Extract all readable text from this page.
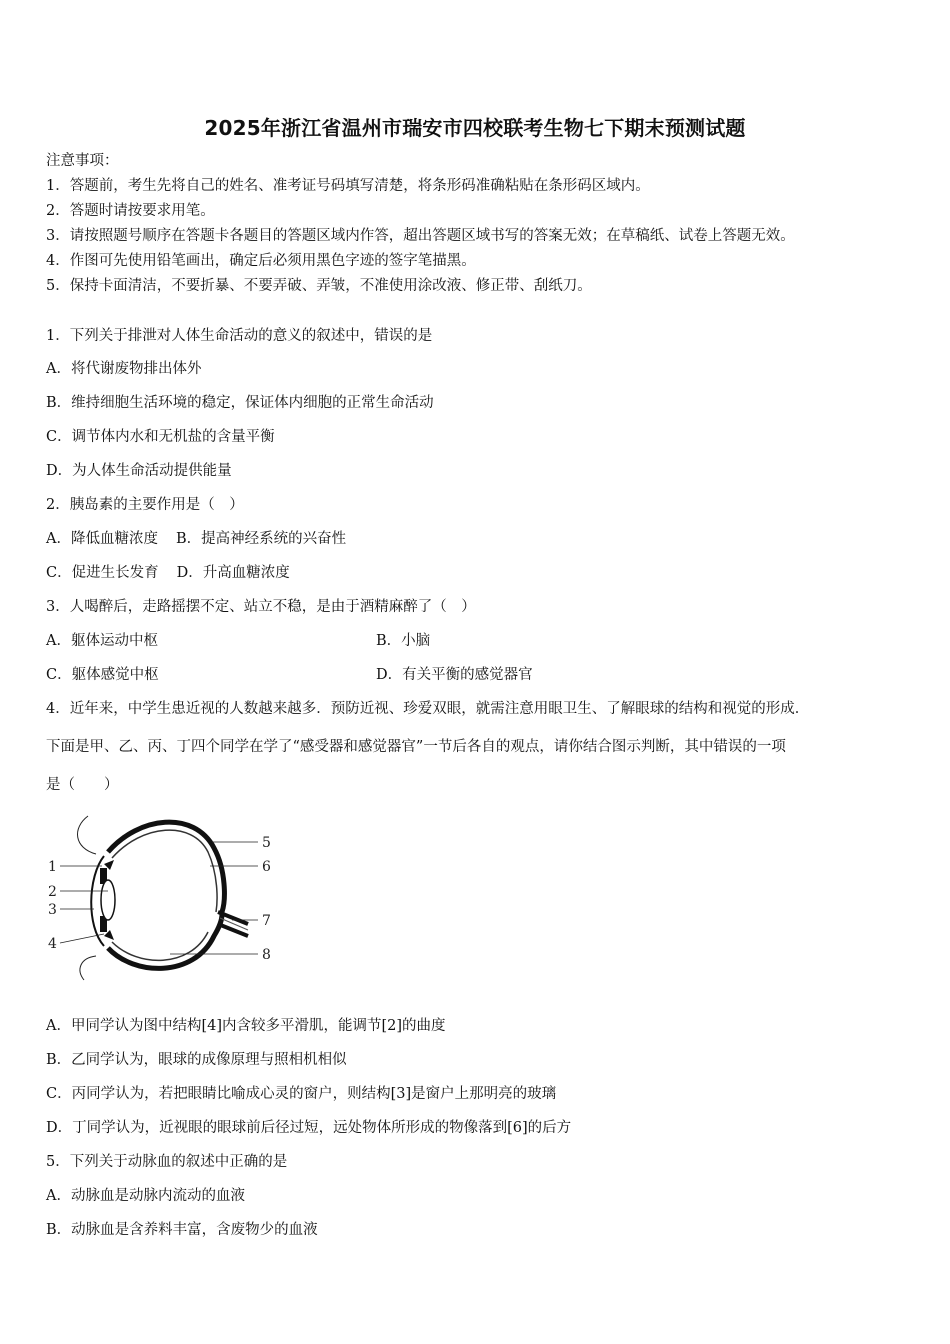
2025年浙江省温州市瑞安市四校联考生物七下期末预测试题
注意事项：
1．答题前，考生先将自己的姓名、准考证号码填写清楚，将条形码准确粘贴在条形码区域内。
2．答题时请按要求用笔。
3．请按照题号顺序在答题卡各题目的答题区域内作答，超出答题区域书写的答案无效；在草稿纸、试卷上答题无效。
4．作图可先使用铅笔画出，确定后必须用黑色字迹的签字笔描黑。
5．保持卡面清洁，不要折暴、不要弄破、弄皱，不准使用涂改液、修正带、刮纸刀。
1．下列关于排泄对人体生命活动的意义的叙述中，错误的是
A．将代谢废物排出体外
B．维持细胞生活环境的稳定，保证体内细胞的正常生命活动
C．调节体内水和无机盐的含量平衡
D．为人体生命活动提供能量
2．胰岛素的主要作用是（　）
A．降低血糖浓度 B．提高神经系统的兴奋性
C．促进生长发育 D．升高血糖浓度
3．人喝醉后，走路摇摆不定、站立不稳，是由于酒精麻醉了（　）
A．躯体运动中枢	B．小脑
C．躯体感觉中枢	D．有关平衡的感觉器官
4．近年来，中学生患近视的人数越来越多．预防近视、珍爱双眼，就需注意用眼卫生、了解眼球的结构和视觉的形成．
下面是甲、乙、丙、丁四个同学在学了“感受器和感觉器官”一节后各自的观点，请你结合图示判断，其中错误的一项
是（　　）
1
2
3
4
5
6
7
8
A．甲同学认为图中结构[4]内含较多平滑肌，能调节[2]的曲度
B．乙同学认为，眼球的成像原理与照相机相似
C．丙同学认为，若把眼睛比喻成心灵的窗户，则结构[3]是窗户上那明亮的玻璃
D．丁同学认为，近视眼的眼球前后径过短，远处物体所形成的物像落到[6]的后方
5．下列关于动脉血的叙述中正确的是
A．动脉血是动脉内流动的血液
B．动脉血是含养料丰富，含废物少的血液
